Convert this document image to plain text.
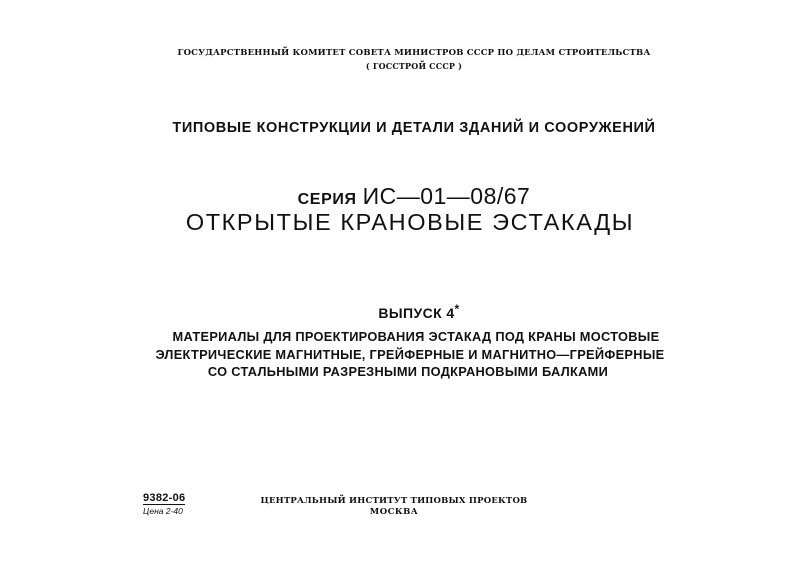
ГОСУДАРСТВЕННЫЙ КОМИТЕТ СОВЕТА МИНИСТРОВ СССР ПО ДЕЛАМ СТРОИТЕЛЬСТВА
( ГОССТРОЙ СССР )
ТИПОВЫЕ КОНСТРУКЦИИ И ДЕТАЛИ ЗДАНИЙ И СООРУЖЕНИЙ
СЕРИЯ ИС—01—08/67
ОТКРЫТЫЕ КРАНОВЫЕ ЭСТАКАДЫ
ВЫПУСК 4*
МАТЕРИАЛЫ ДЛЯ ПРОЕКТИРОВАНИЯ ЭСТАКАД ПОД КРАНЫ МОСТОВЫЕ
ЭЛЕКТРИЧЕСКИЕ МАГНИТНЫЕ, ГРЕЙФЕРНЫЕ И МАГНИТНО—ГРЕЙФЕРНЫЕ
СО СТАЛЬНЫМИ РАЗРЕЗНЫМИ ПОДКРАНОВЫМИ БАЛКАМИ
9382-06
Цена 2-40
ЦЕНТРАЛЬНЫЙ ИНСТИТУТ ТИПОВЫХ ПРОЕКТОВ
МОСКВА
